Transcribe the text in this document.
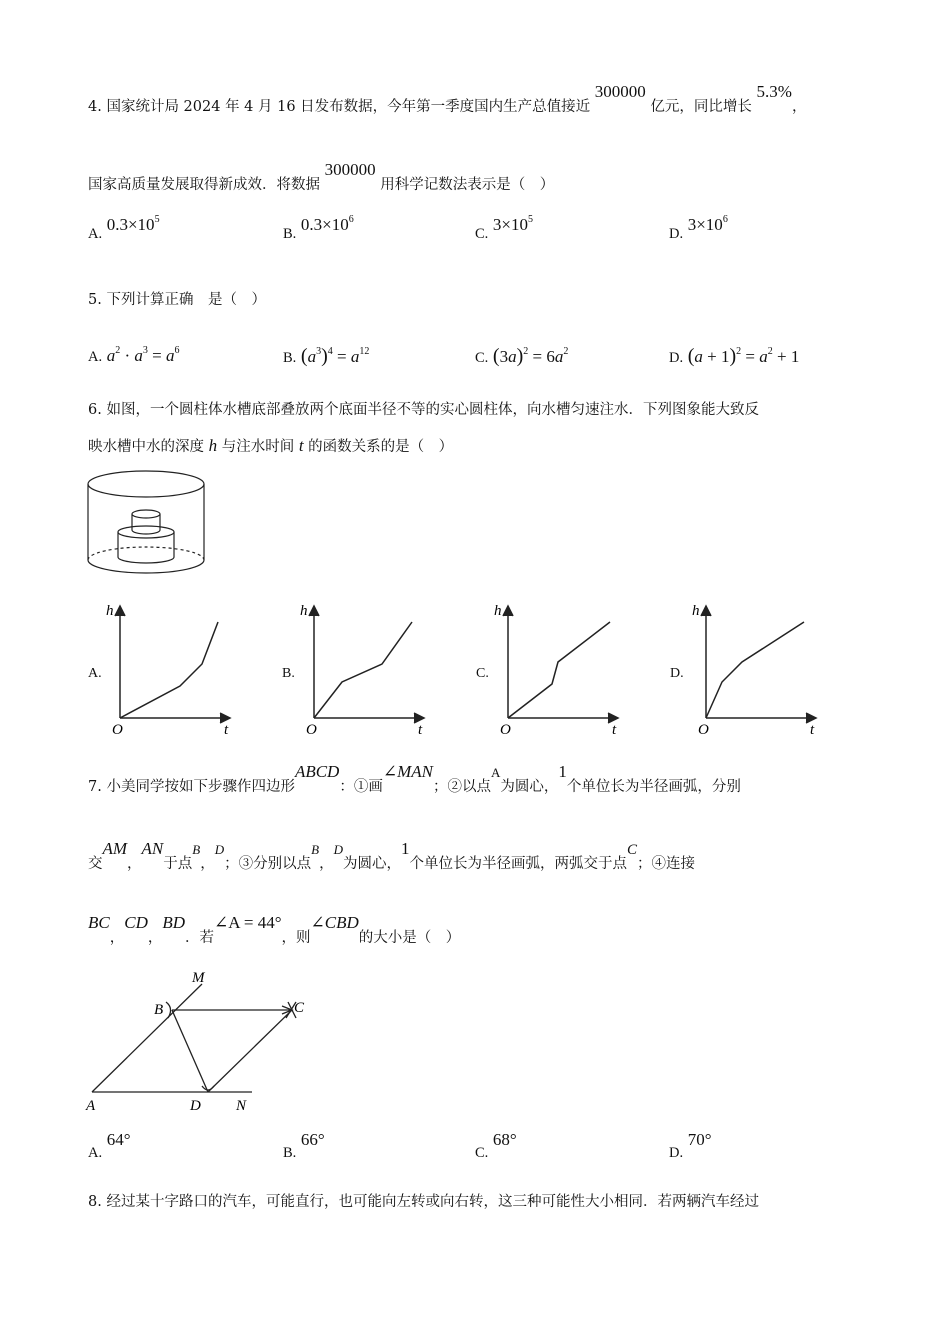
4. 国家统计局 2024 年 4 月 16 日发布数据，今年第一季度国内生产总值接近 300000 亿元，同比增长 5.3%，
国家高质量发展取得新成效．将数据 300000 用科学记数法表示是（　）
A. $0.3\times 10^5$
B. $0.3\times 10^6$
C. $3\times 10^5$
D. $3\times 10^6$
5. 下列计算正确　是（　）
A. $a^2 \cdot a^3 = a^6$	B. $(a^3)^4 = a^{12}$	C. $(3a)^2 = 6a^2$	D. $(a + 1)^2 = a^2 + 1$
6. 如图，一个圆柱体水槽底部叠放两个底面半径不等的实心圆柱体，向水槽匀速注水．下列图象能大致反
映水槽中水的深度 h 与注水时间 t 的函数关系的是（　）
A.
h
O	t
B.
h
O	t
C.
h
O	t
D.
h
O	t
7. 小美同学按如下步骤作四边形ABCD：①画∠MAN；②以点A为圆心，1个单位长为半径画弧，分别
交AM，AN于点B，D；③分别以点B，D为圆心，1个单位长为半径画弧，两弧交于点C；④连接
BC，CD，BD．若∠A = 44°，则∠CBD的大小是（　）
M
B	C
A	D N
A. 64°
B. 66°
C. 68°
D. 70°
8. 经过某十字路口的汽车，可能直行，也可能向左转或向右转，这三种可能性大小相同．若两辆汽车经过
